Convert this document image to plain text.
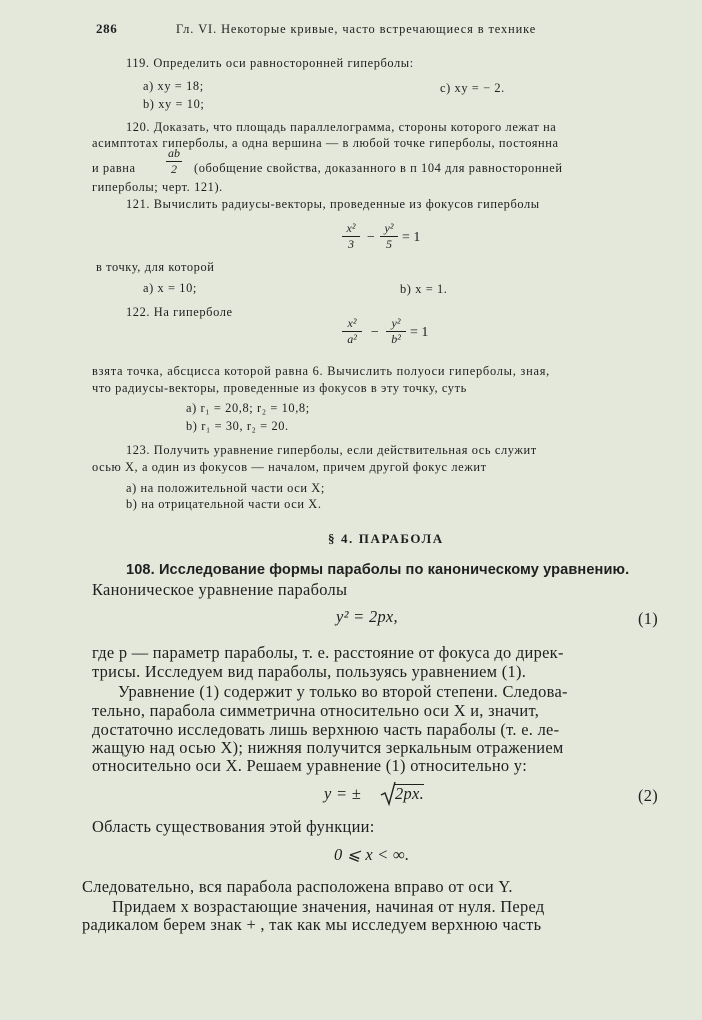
286	Гл. VI. Некоторые кривые, часто встречающиеся в технике
119. Определить оси равносторонней гиперболы:
а) xy = 18;	с) xy = − 2.
b) xy = 10;
120. Доказать, что площадь параллелограмма, стороны которого лежат на
асимптотах гиперболы, а одна вершина — в любой точке гиперболы, постоянна
и равна
ab
2	(обобщение свойства, доказанного в п 104 для равносторонней
гиперболы; черт. 121).
121. Вычислить радиусы-векторы, проведенные из фокусов гиперболы
x²
3 −
y²
5 = 1
в точку, для которой
а) x = 10;	b) x = 1.
122. На гиперболе
x²
a² −
y²
b² = 1
взята точка, абсцисса которой равна 6. Вычислить полуоси гиперболы, зная,
что радиусы-векторы, проведенные из фокусов в эту точку, суть
a) r₁ = 20,8; r₂ = 10,8;
b) r₁ = 30, r₂ = 20.
123. Получить уравнение гиперболы, если действительная ось служит
осью X, а один из фокусов — началом, причем другой фокус лежит
а) на положительной части оси X;
b) на отрицательной части оси X.
§ 4. ПАРАБОЛА
108. Исследование формы параболы по каноническому уравнению.
Каноническое уравнение параболы
y² = 2px,	(1)
где p — параметр параболы, т. е. расстояние от фокуса до дирек-
трисы. Исследуем вид параболы, пользуясь уравнением (1).
Уравнение (1) содержит y только во второй степени. Следова-
тельно, парабола симметрична относительно оси X и, значит,
достаточно исследовать лишь верхнюю часть параболы (т. е. ле-
жащую над осью X); нижняя получится зеркальным отражением
относительно оси X. Решаем уравнение (1) относительно y:
y = ± 2px.	(2)
Область существования этой функции:
0 ⩽ x < ∞.
Следовательно, вся парабола расположена вправо от оси Y.
Придаем x возрастающие значения, начиная от нуля. Перед
радикалом берем знак + , так как мы исследуем верхнюю часть
